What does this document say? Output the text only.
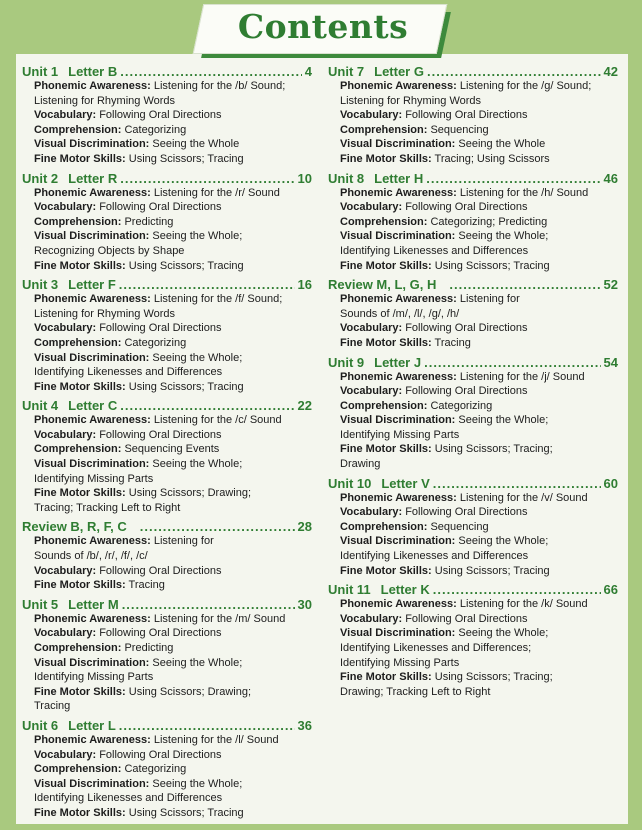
Contents
Unit 1 Letter B .....	4
Phonemic Awareness: Listening for the /b/ Sound;
Listening for Rhyming Words
Vocabulary: Following Oral Directions
Comprehension: Categorizing
Visual Discrimination: Seeing the Whole
Fine Motor Skills: Using Scissors; Tracing
Unit 2 Letter R .....	10
Phonemic Awareness: Listening for the /r/ Sound
Vocabulary: Following Oral Directions
Comprehension: Predicting
Visual Discrimination: Seeing the Whole;
Recognizing Objects by Shape
Fine Motor Skills: Using Scissors; Tracing
Unit 3 Letter F .....	16
Phonemic Awareness: Listening for the /f/ Sound;
Listening for Rhyming Words
Vocabulary: Following Oral Directions
Comprehension: Categorizing
Visual Discrimination: Seeing the Whole;
Identifying Likenesses and Differences
Fine Motor Skills: Using Scissors; Tracing
Unit 4 Letter C .....	22
Phonemic Awareness: Listening for the /c/ Sound
Vocabulary: Following Oral Directions
Comprehension: Sequencing Events
Visual Discrimination: Seeing the Whole;
Identifying Missing Parts
Fine Motor Skills: Using Scissors; Drawing;
Tracing; Tracking Left to Right
Review B, R, F, C .....	28
Phonemic Awareness: Listening for
Sounds of /b/, /r/, /f/, /c/
Vocabulary: Following Oral Directions
Fine Motor Skills: Tracing
Unit 5 Letter M .....	30
Phonemic Awareness: Listening for the /m/ Sound
Vocabulary: Following Oral Directions
Comprehension: Predicting
Visual Discrimination: Seeing the Whole;
Identifying Missing Parts
Fine Motor Skills: Using Scissors; Drawing;
Tracing
Unit 6 Letter L .....	36
Phonemic Awareness: Listening for the /l/ Sound
Vocabulary: Following Oral Directions
Comprehension: Categorizing
Visual Discrimination: Seeing the Whole;
Identifying Likenesses and Differences
Fine Motor Skills: Using Scissors; Tracing
Unit 7 Letter G .....	42
Phonemic Awareness: Listening for the /g/ Sound;
Listening for Rhyming Words
Vocabulary: Following Oral Directions
Comprehension: Sequencing
Visual Discrimination: Seeing the Whole
Fine Motor Skills: Tracing; Using Scissors
Unit 8 Letter H .....	46
Phonemic Awareness: Listening for the /h/ Sound
Vocabulary: Following Oral Directions
Comprehension: Categorizing; Predicting
Visual Discrimination: Seeing the Whole;
Identifying Likenesses and Differences
Fine Motor Skills: Using Scissors; Tracing
Review M, L, G, H .....	52
Phonemic Awareness: Listening for
Sounds of /m/, /l/, /g/, /h/
Vocabulary: Following Oral Directions
Fine Motor Skills: Tracing
Unit 9 Letter J .....	54
Phonemic Awareness: Listening for the /j/ Sound
Vocabulary: Following Oral Directions
Comprehension: Categorizing
Visual Discrimination: Seeing the Whole;
Identifying Missing Parts
Fine Motor Skills: Using Scissors; Tracing;
Drawing
Unit 10 Letter V .....	60
Phonemic Awareness: Listening for the /v/ Sound
Vocabulary: Following Oral Directions
Comprehension: Sequencing
Visual Discrimination: Seeing the Whole;
Identifying Likenesses and Differences
Fine Motor Skills: Using Scissors; Tracing
Unit 11 Letter K .....	66
Phonemic Awareness: Listening for the /k/ Sound
Vocabulary: Following Oral Directions
Visual Discrimination: Seeing the Whole;
Identifying Likenesses and Differences;
Identifying Missing Parts
Fine Motor Skills: Using Scissors; Tracing;
Drawing; Tracking Left to Right
